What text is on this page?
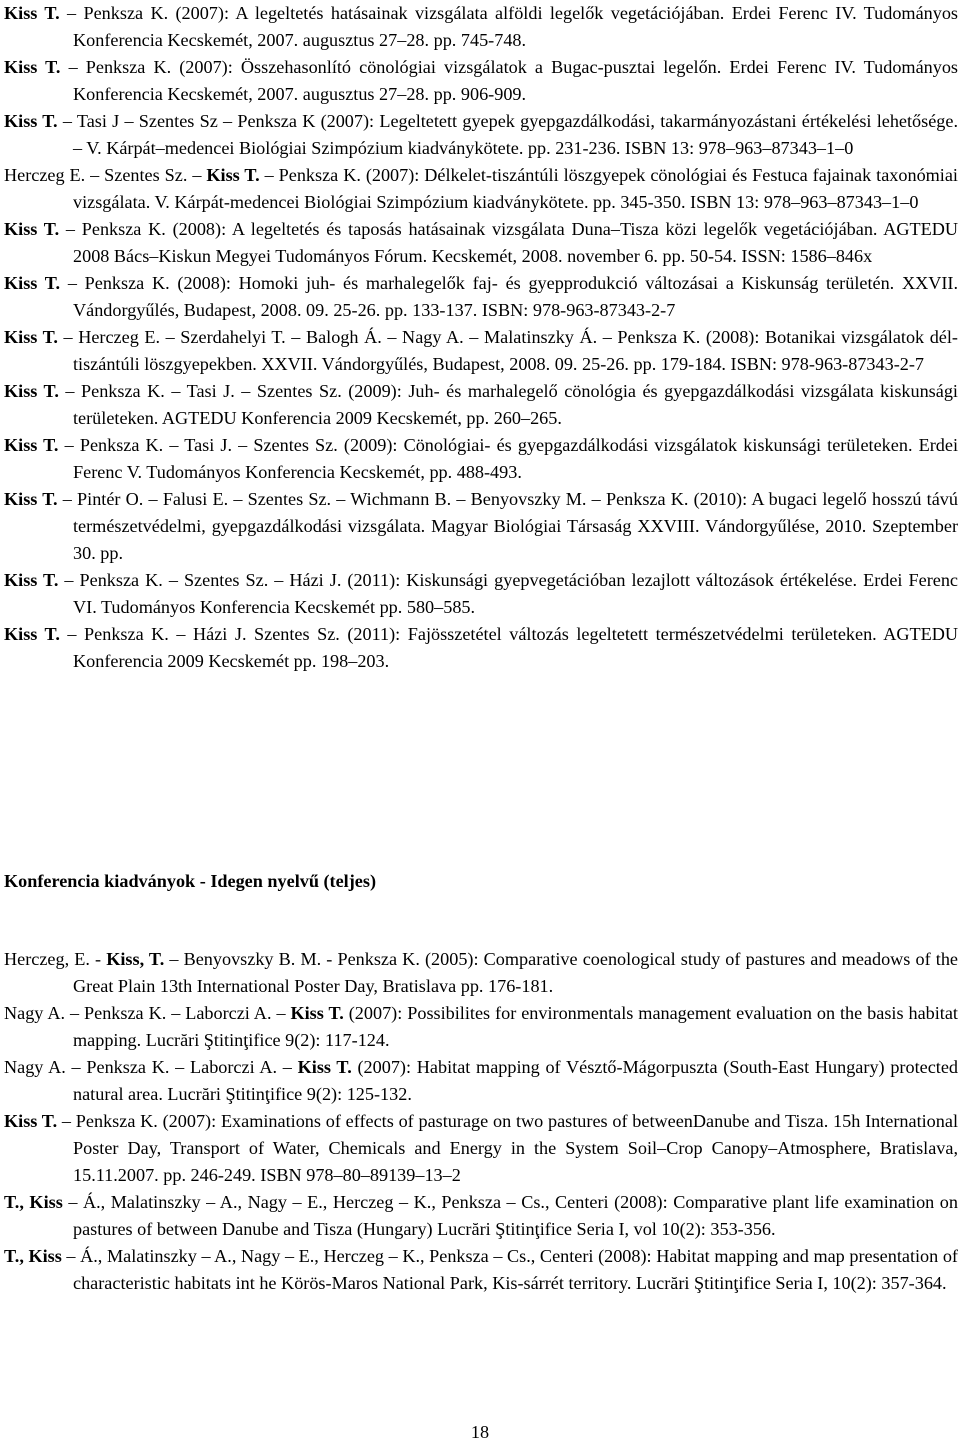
Kiss T. – Penksza K. (2007): A legeltetés hatásainak vizsgálata alföldi legelők vegetációjában. Erdei Ferenc IV. Tudományos Konferencia Kecskemét, 2007. augusztus 27–28. pp. 745-748.

Kiss T. – Penksza K. (2007): Összehasonlító cönológiai vizsgálatok a Bugac-pusztai legelőn. Erdei Ferenc IV. Tudományos Konferencia Kecskemét, 2007. augusztus 27–28. pp. 906-909.

Kiss T. – Tasi J – Szentes Sz – Penksza K (2007): Legeltetett gyepek gyepgazdálkodási, takarmányozástani értékelési lehetősége. – V. Kárpát–medencei Biológiai Szimpózium kiadványkötete. pp. 231-236. ISBN 13: 978–963–87343–1–0

Herczeg E. – Szentes Sz. – Kiss T. – Penksza K. (2007): Délkelet-tiszántúli löszgyepek cönológiai és Festuca fajainak taxonómiai vizsgálata. V. Kárpát-medencei Biológiai Szimpózium kiadványkötete. pp. 345-350. ISBN 13: 978–963–87343–1–0

Kiss T. – Penksza K. (2008): A legeltetés és taposás hatásainak vizsgálata Duna–Tisza közi legelők vegetációjában. AGTEDU 2008 Bács–Kiskun Megyei Tudományos Fórum. Kecskemét, 2008. november 6. pp. 50-54. ISSN: 1586–846x

Kiss T. – Penksza K. (2008): Homoki juh- és marhalegelők faj- és gyepprodukció változásai a Kiskunság területén. XXVII. Vándorgyűlés, Budapest, 2008. 09. 25-26. pp. 133-137. ISBN: 978-963-87343-2-7

Kiss T. – Herczeg E. – Szerdahelyi T. – Balogh Á. – Nagy A. – Malatinszky Á. – Penksza K. (2008): Botanikai vizsgálatok dél-tiszántúli löszgyepekben. XXVII. Vándorgyűlés, Budapest, 2008. 09. 25-26. pp. 179-184. ISBN: 978-963-87343-2-7

Kiss T. – Penksza K. – Tasi J. – Szentes Sz. (2009): Juh- és marhalegelő cönológia és gyepgazdálkodási vizsgálata kiskunsági területeken. AGTEDU Konferencia 2009 Kecskemét, pp. 260–265.

Kiss T. – Penksza K. – Tasi J. – Szentes Sz. (2009): Cönológiai- és gyepgazdálkodási vizsgálatok kiskunsági területeken. Erdei Ferenc V. Tudományos Konferencia Kecskemét, pp. 488-493.

Kiss T. – Pintér O. – Falusi E. – Szentes Sz. – Wichmann B. – Benyovszky M. – Penksza K. (2010): A bugaci legelő hosszú távú természetvédelmi, gyepgazdálkodási vizsgálata. Magyar Biológiai Társaság XXVIII. Vándorgyűlése, 2010. Szeptember 30. pp.

Kiss T. – Penksza K. – Szentes Sz. – Házi J. (2011): Kiskunsági gyepvegetációban lezajlott változások értékelése. Erdei Ferenc VI. Tudományos Konferencia Kecskemét pp. 580–585.

Kiss T. – Penksza K. – Házi J. Szentes Sz. (2011): Fajösszetétel változás legeltetett természetvédelmi területeken. AGTEDU Konferencia 2009 Kecskemét pp. 198–203.

Konferencia kiadványok - Idegen nyelvű (teljes)

Herczeg, E. - Kiss, T. – Benyovszky B. M. - Penksza K. (2005): Comparative coenological study of pastures and meadows of the Great Plain 13th International Poster Day, Bratislava pp. 176-181.

Nagy A. – Penksza K. – Laborczi A. – Kiss T. (2007): Possibilites for environmentals management evaluation on the basis habitat mapping. Lucrări Ştitinţifice 9(2): 117-124.

Nagy A. – Penksza K. – Laborczi A. – Kiss T. (2007): Habitat mapping of Vésztő-Mágorpuszta (South-East Hungary) protected natural area. Lucrări Ştitinţifice 9(2): 125-132.

Kiss T. – Penksza K. (2007): Examinations of effects of pasturage on two pastures of betweenDanube and Tisza. 15h International Poster Day, Transport of Water, Chemicals and Energy in the System Soil–Crop Canopy–Atmosphere, Bratislava, 15.11.2007. pp. 246-249. ISBN 978–80–89139–13–2

T., Kiss – Á., Malatinszky – A., Nagy – E., Herczeg – K., Penksza – Cs., Centeri (2008): Comparative plant life examination on pastures of between Danube and Tisza (Hungary) Lucrări Ştitinţifice Seria I, vol 10(2): 353-356.

T., Kiss – Á., Malatinszky – A., Nagy – E., Herczeg – K., Penksza – Cs., Centeri (2008): Habitat mapping and map presentation of characteristic habitats int he Körös-Maros National Park, Kis-sárrét territory. Lucrări Ştitinţifice Seria I, 10(2): 357-364.

18
